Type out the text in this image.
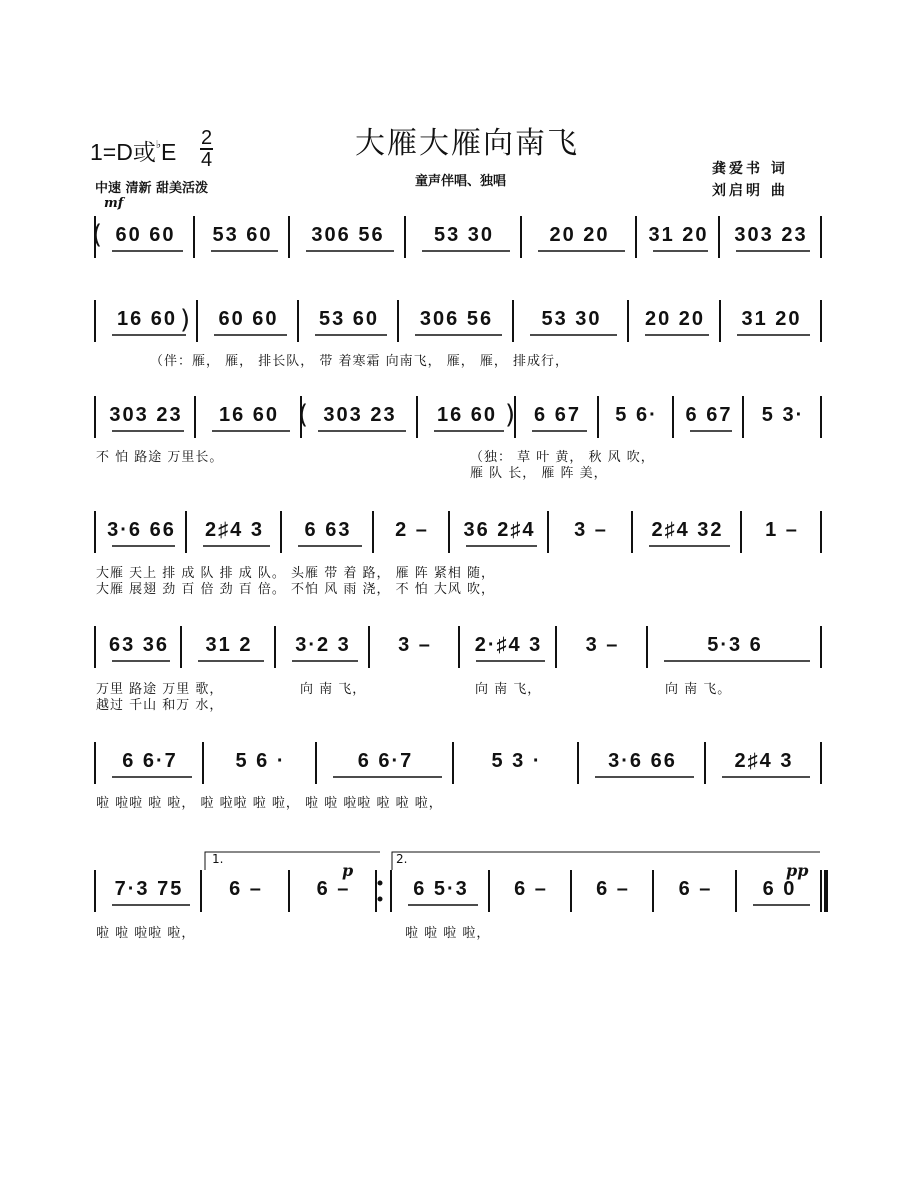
大雁大雁向南飞
1=D或♭E
2
4
中速 清新 甜美活泼
mf
童声伴唱、独唱
龚爱书 词
刘启明 曲
60 60	53 60	306 56	53 30	20 20	31 20	303 23
16 60	60 60	53 60	306 56	53 30	20 20	31 20
（伴：雁， 雁， 排长队， 带 着寒霜 向南飞， 雁， 雁， 排成行，
303 23	16 60	303 23	16 60	6 67	5 6·	6 67	5 3·
不 怕 路途 万里长。	（独： 草 叶 黄， 秋 风 吹，
雁 队 长， 雁 阵 美，
3·6 66	2♯4 3	6 63	2 –	36 2♯4	3 –	2♯4 32	1 –
大雁 天上 排 成 队 排 成 队。 头雁 带 着 路， 雁 阵 紧相 随，
大雁 展翅 劲 百 倍 劲 百 倍。 不怕 风 雨 浇， 不 怕 大风 吹，
63 36	31 2	3·2 3	3 –	2·♯4 3	3 –	5·3 6
万里 路途 万里 歌，
越过 千山 和万 水，
向 南 飞，	向 南 飞，	向 南 飞。
6 6·7	5 6 ·	6 6·7	5 3 ·	3·6 66	2♯4 3
啦 啦啦 啦 啦， 啦 啦啦 啦 啦， 啦 啦 啦啦 啦 啦 啦，
7·3 75	6 –	6 –	6 5·3	6 –	6 –	6 –	6 0
啦 啦 啦啦 啦，	啦 啦 啦 啦，
(
)
(	)
1.	2.
p	pp
